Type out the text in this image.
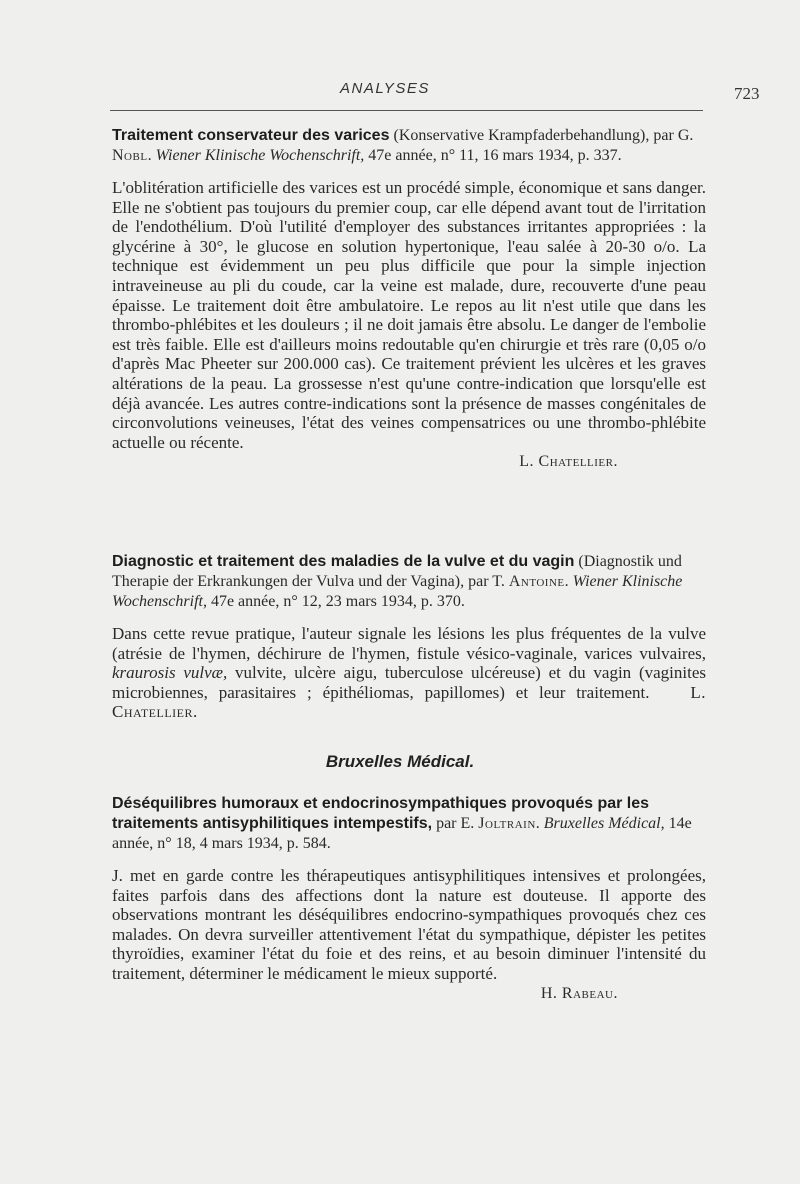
ANALYSES	723

Traitement conservateur des varices (Konservative Krampfaderbehandlung), par G. Nobl. Wiener Klinische Wochenschrift, 47e année, n° 11, 16 mars 1934, p. 337.

L'oblitération artificielle des varices est un procédé simple, économique et sans danger. Elle ne s'obtient pas toujours du premier coup, car elle dépend avant tout de l'irritation de l'endothélium. D'où l'utilité d'employer des substances irritantes appropriées : la glycérine à 30°, le glucose en solution hypertonique, l'eau salée à 20-30 o/o. La technique est évidemment un peu plus difficile que pour la simple injection intraveineuse au pli du coude, car la veine est malade, dure, recouverte d'une peau épaisse. Le traitement doit être ambulatoire. Le repos au lit n'est utile que dans les thrombo-phlébites et les douleurs ; il ne doit jamais être absolu. Le danger de l'embolie est très faible. Elle est d'ailleurs moins redoutable qu'en chirurgie et très rare (0,05 o/o d'après Mac Pheeter sur 200.000 cas). Ce traitement prévient les ulcères et les graves altérations de la peau. La grossesse n'est qu'une contre-indication que lorsqu'elle est déjà avancée. Les autres contre-indications sont la présence de masses congénitales de circonvolutions veineuses, l'état des veines compensatrices ou une thrombo-phlébite actuelle ou récente.

L. Chatellier.

Diagnostic et traitement des maladies de la vulve et du vagin (Diagnostik und Therapie der Erkrankungen der Vulva und der Vagina), par T. Antoine. Wiener Klinische Wochenschrift, 47e année, n° 12, 23 mars 1934, p. 370.

Dans cette revue pratique, l'auteur signale les lésions les plus fréquentes de la vulve (atrésie de l'hymen, déchirure de l'hymen, fistule vésico-vaginale, varices vulvaires, kraurosis vulvæ, vulvite, ulcère aigu, tuberculose ulcéreuse) et du vagin (vaginites microbiennes, parasitaires ; épithéliomas, papillomes) et leur traitement. L. Chatellier.

Bruxelles Médical.

Déséquilibres humoraux et endocrinosympathiques provoqués par les traitements antisyphilitiques intempestifs, par E. Joltrain. Bruxelles Médical, 14e année, n° 18, 4 mars 1934, p. 584.

J. met en garde contre les thérapeutiques antisyphilitiques intensives et prolongées, faites parfois dans des affections dont la nature est douteuse. Il apporte des observations montrant les déséquilibres endocrino-sympathiques provoqués chez ces malades. On devra surveiller attentivement l'état du sympathique, dépister les petites thyroïdies, examiner l'état du foie et des reins, et au besoin diminuer l'intensité du traitement, déterminer le médicament le mieux supporté.

H. Rabeau.
